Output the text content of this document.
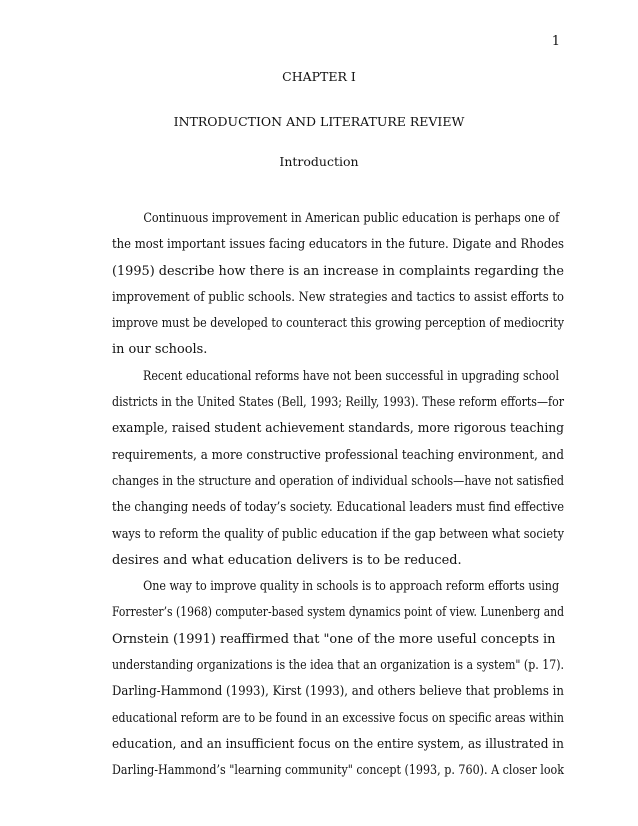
1
CHAPTER I
INTRODUCTION AND LITERATURE REVIEW
Introduction
Continuous improvement in American public education is perhaps one of
the most important issues facing educators in the future. Digate and Rhodes
(1995) describe how there is an increase in complaints regarding the
improvement of public schools. New strategies and tactics to assist efforts to
improve must be developed to counteract this growing perception of mediocrity
in our schools.
Recent educational reforms have not been successful in upgrading school
districts in the United States (Bell, 1993; Reilly, 1993). These reform efforts—for
example, raised student achievement standards, more rigorous teaching
requirements, a more constructive professional teaching environment, and
changes in the structure and operation of individual schools—have not satisfied
the changing needs of today’s society. Educational leaders must find effective
ways to reform the quality of public education if the gap between what society
desires and what education delivers is to be reduced.
One way to improve quality in schools is to approach reform efforts using
Forrester’s (1968) computer-based system dynamics point of view. Lunenberg and
Ornstein (1991) reaffirmed that "one of the more useful concepts in
understanding organizations is the idea that an organization is a system" (p. 17).
Darling-Hammond (1993), Kirst (1993), and others believe that problems in
educational reform are to be found in an excessive focus on specific areas within
education, and an insufficient focus on the entire system, as illustrated in
Darling-Hammond’s "learning community" concept (1993, p. 760). A closer look
